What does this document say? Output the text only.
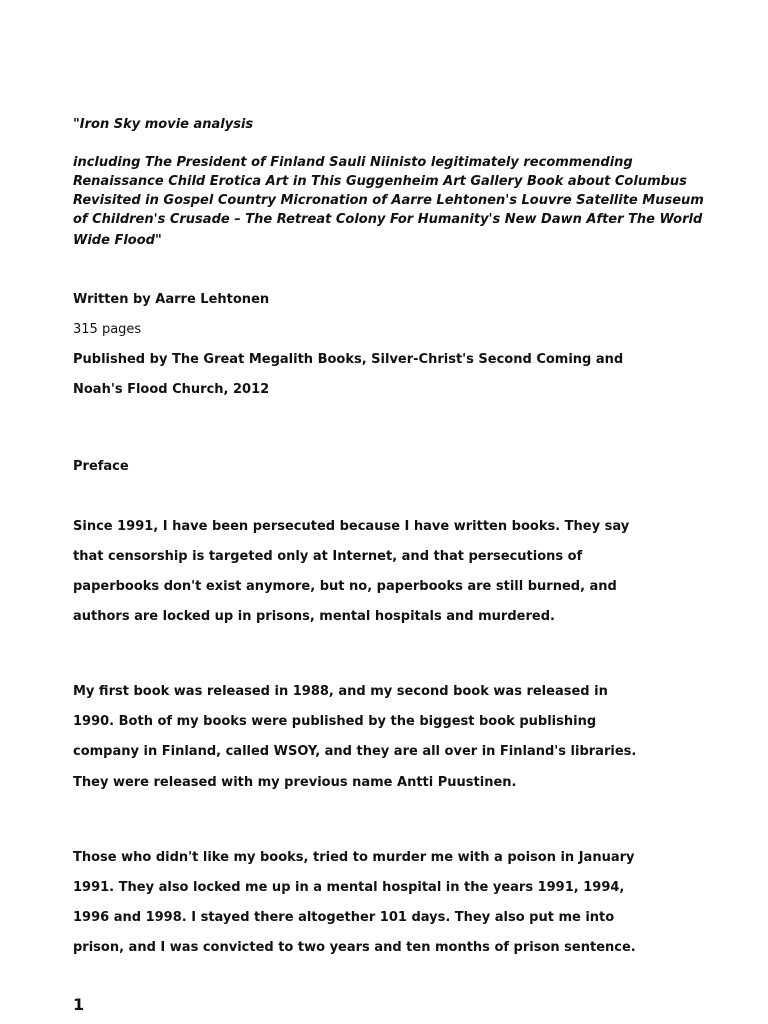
"Iron Sky movie analysis

including The President of Finland Sauli Niinisto legitimately recommending

Renaissance Child Erotica Art in This Guggenheim Art Gallery Book about Columbus

Revisited in Gospel Country Micronation of Aarre Lehtonen's Louvre Satellite Museum

of Children's Crusade – The Retreat Colony For Humanity's New Dawn After The World

Wide Flood"

Written by Aarre Lehtonen

315 pages

Published by The Great Megalith Books, Silver-Christ's Second Coming and

Noah's Flood Church, 2012

Preface

Since 1991, I have been persecuted because I have written books. They say

that censorship is targeted only at Internet, and that persecutions of

paperbooks don't exist anymore, but no, paperbooks are still burned, and

authors are locked up in prisons, mental hospitals and murdered.

My first book was released in 1988, and my second book was released in

1990. Both of my books were published by the biggest book publishing

company in Finland, called WSOY, and they are all over in Finland's libraries.

They were released with my previous name Antti Puustinen.

Those who didn't like my books, tried to murder me with a poison in January

1991. They also locked me up in a mental hospital in the years 1991, 1994,

1996 and 1998. I stayed there altogether 101 days. They also put me into

prison, and I was convicted to two years and ten months of prison sentence.

1
